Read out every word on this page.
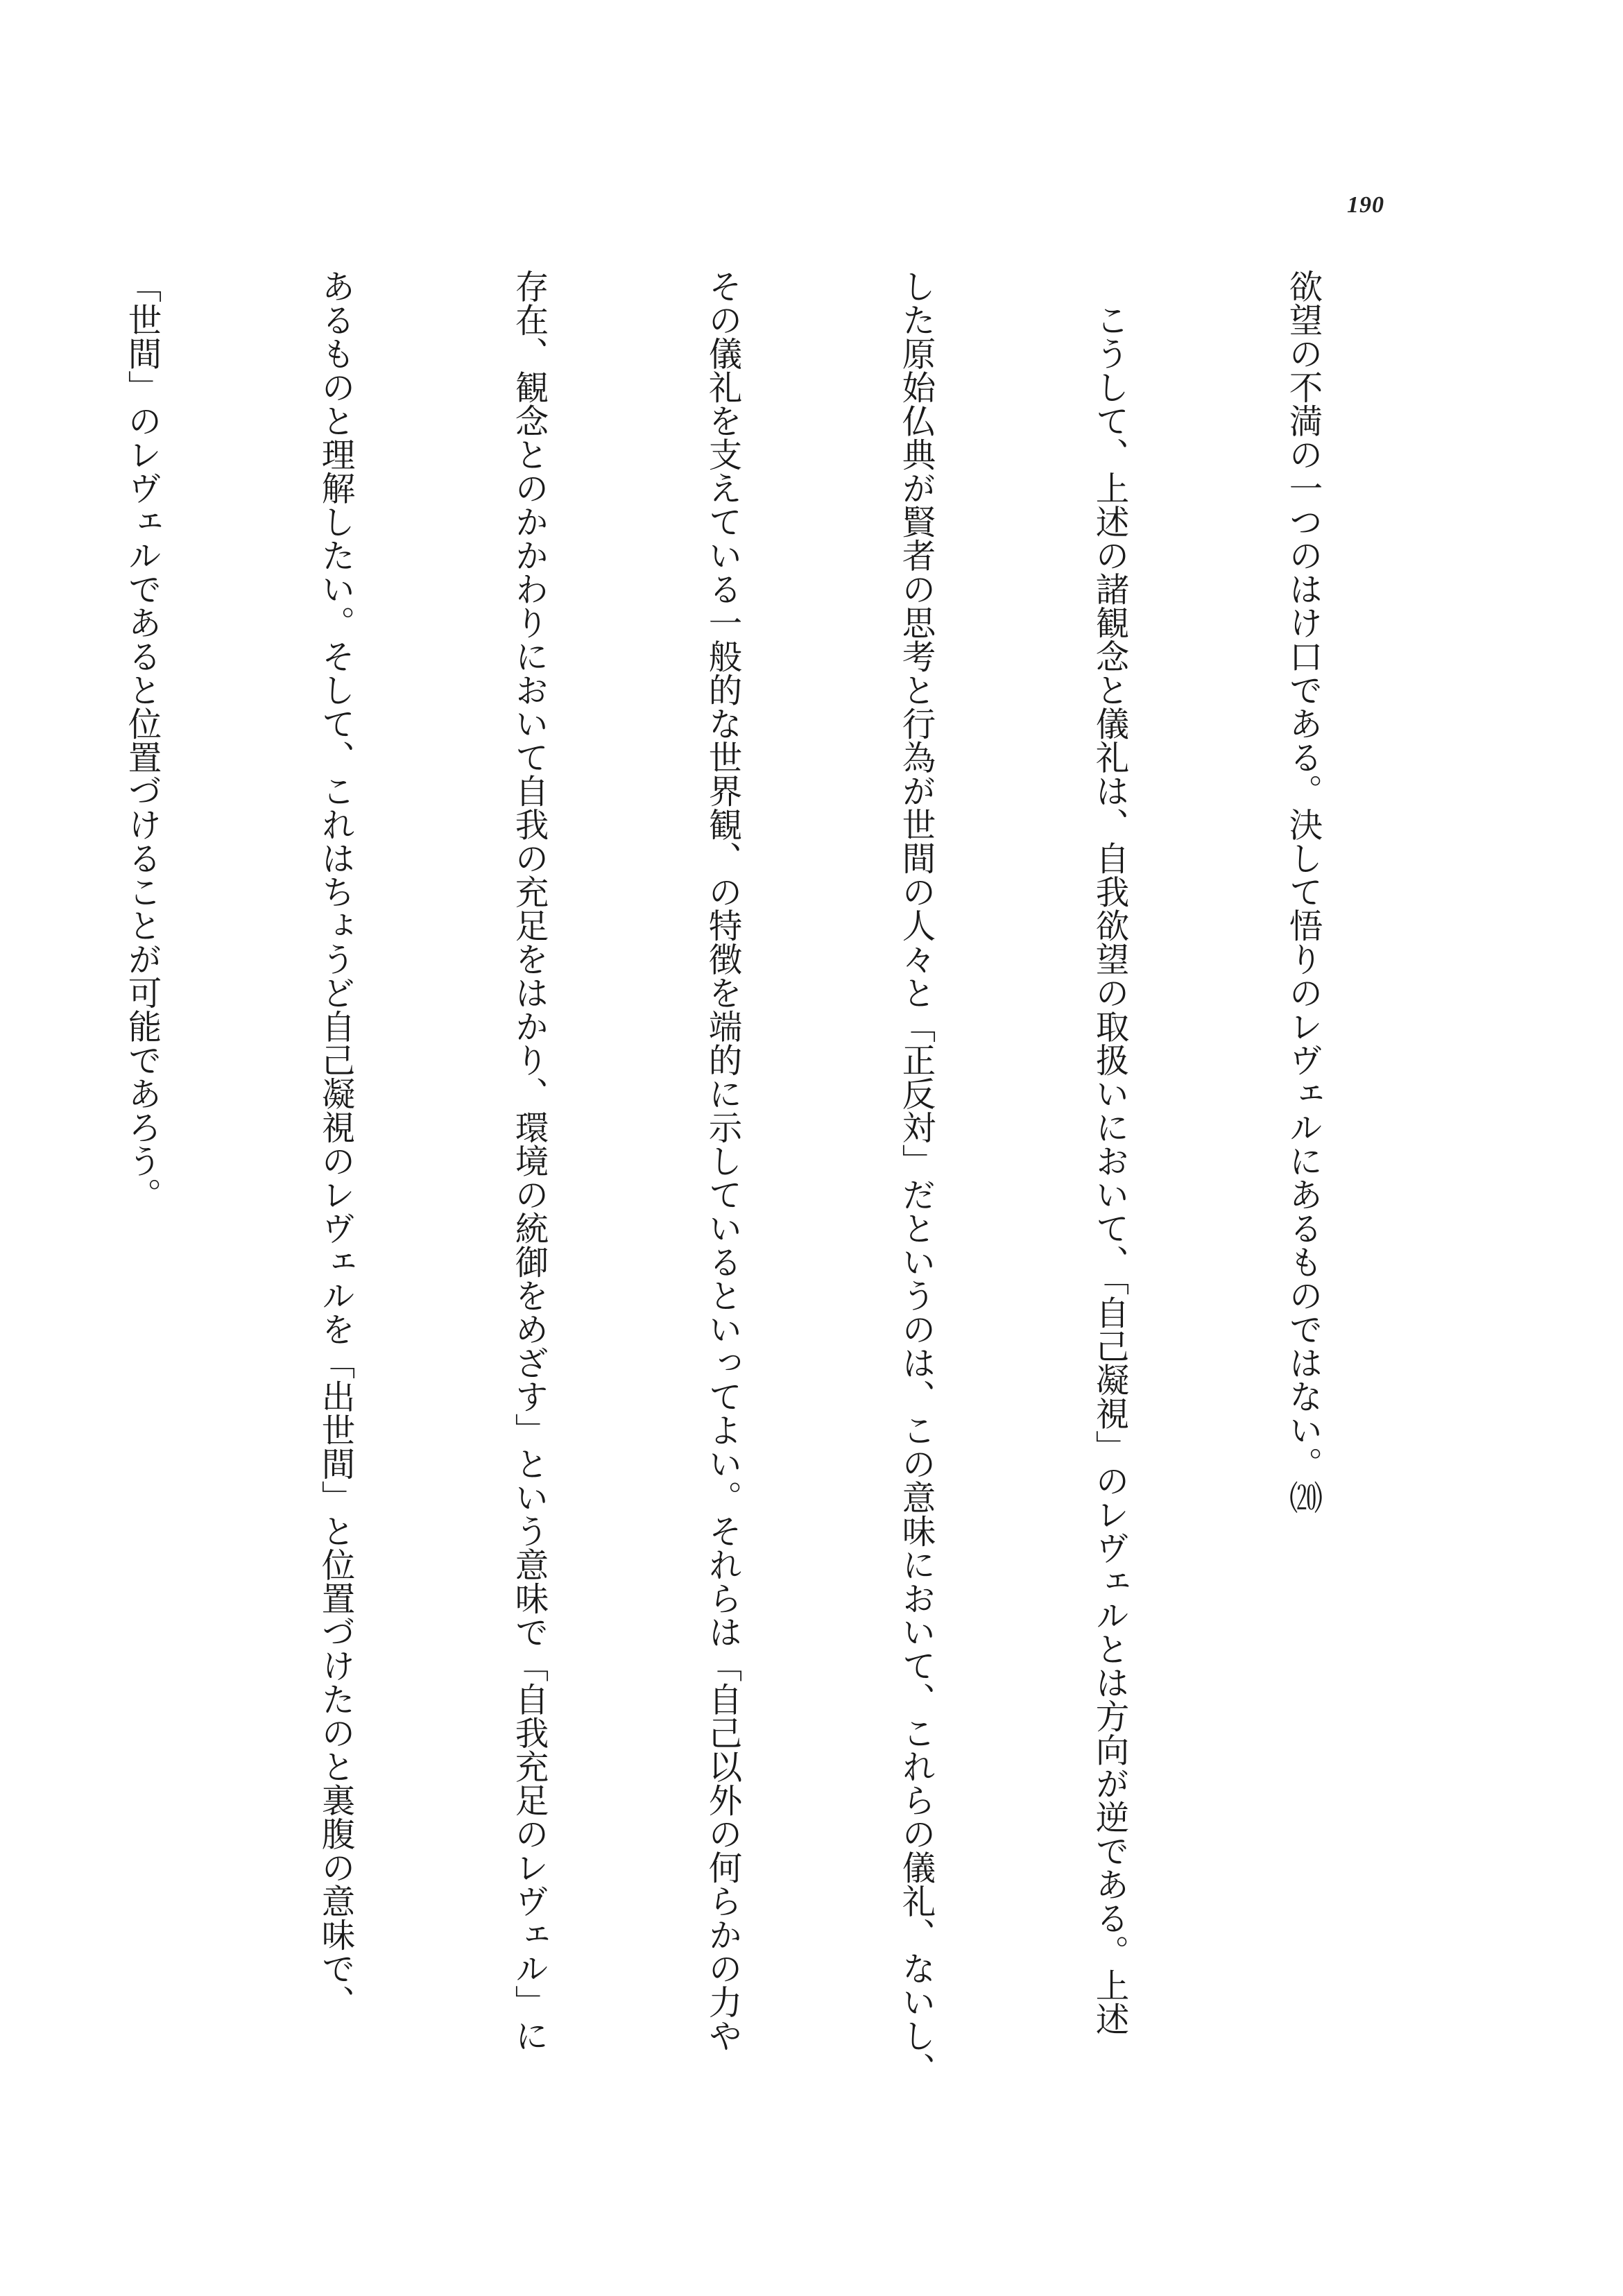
190

欲望の不満の一つのはけ口である。決して悟りのレヴェルにあるものではない。⒇

　こうして、上述の諸観念と儀礼は、自我欲望の取扱いにおいて、「自己凝視」のレヴェルとは方向が逆である。上述

した原始仏典が賢者の思考と行為が世間の人々と「正反対」だというのは、この意味において、これらの儀礼、ないし、

その儀礼を支えている一般的な世界観、の特徴を端的に示しているといってよい。それらは「自己以外の何らかの力や

存在、観念とのかかわりにおいて自我の充足をはかり、環境の統御をめざす」という意味で「自我充足のレヴェル」に

あるものと理解したい。そして、これはちょうど自己凝視のレヴェルを「出世間」と位置づけたのと裏腹の意味で、

「世間」のレヴェルであると位置づけることが可能であろう。
